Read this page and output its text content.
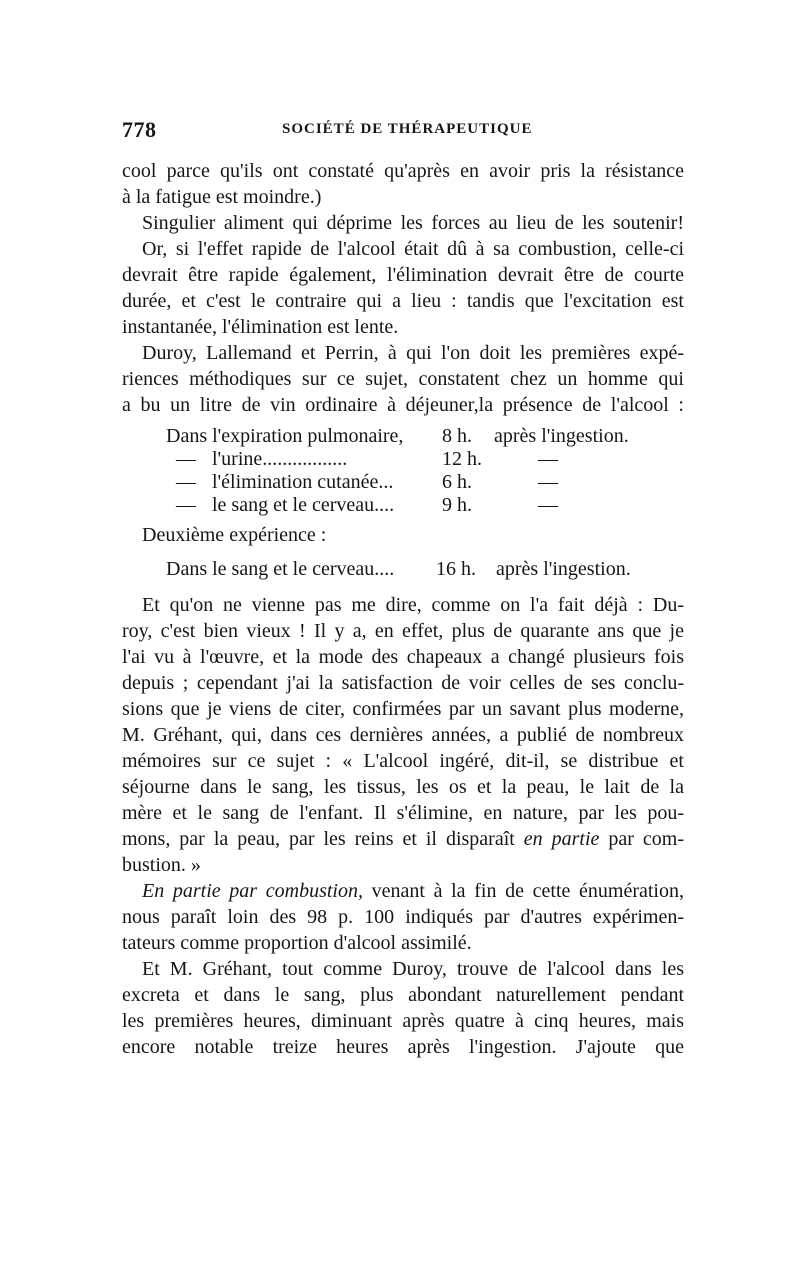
778	SOCIÉTÉ DE THÉRAPEUTIQUE
cool parce qu'ils ont constaté qu'après en avoir pris la résistance
à la fatigue est moindre.)
Singulier aliment qui déprime les forces au lieu de les soutenir!
Or, si l'effet rapide de l'alcool était dû à sa combustion, celle-ci
devrait être rapide également, l'élimination devrait être de courte
durée, et c'est le contraire qui a lieu : tandis que l'excitation est
instantanée, l'élimination est lente.
Duroy, Lallemand et Perrin, à qui l'on doit les premières expé-
riences méthodiques sur ce sujet, constatent chez un homme qui
a bu un litre de vin ordinaire à déjeuner,la présence de l'alcool :
Dans l'expiration pulmonaire, 8 h. après l'ingestion.
— l'urine.................	12 h.	—
— l'élimination cutanée... 6 h.	—
— le sang et le cerveau.... 9 h.	—
Deuxième expérience :
Dans le sang et le cerveau.... 16 h. après l'ingestion.
Et qu'on ne vienne pas me dire, comme on l'a fait déjà : Du-
roy, c'est bien vieux ! Il y a, en effet, plus de quarante ans que je
l'ai vu à l'œuvre, et la mode des chapeaux a changé plusieurs fois
depuis ; cependant j'ai la satisfaction de voir celles de ses conclu-
sions que je viens de citer, confirmées par un savant plus moderne,
M. Gréhant, qui, dans ces dernières années, a publié de nombreux
mémoires sur ce sujet : « L'alcool ingéré, dit-il, se distribue et
séjourne dans le sang, les tissus, les os et la peau, le lait de la
mère et le sang de l'enfant. Il s'élimine, en nature, par les pou-
mons, par la peau, par les reins et il disparaît en partie par com-
bustion. »
En partie par combustion, venant à la fin de cette énumération,
nous paraît loin des 98 p. 100 indiqués par d'autres expérimen-
tateurs comme proportion d'alcool assimilé.
Et M. Gréhant, tout comme Duroy, trouve de l'alcool dans les
excreta et dans le sang, plus abondant naturellement pendant
les premières heures, diminuant après quatre à cinq heures, mais
encore notable treize heures après l'ingestion. J'ajoute que
